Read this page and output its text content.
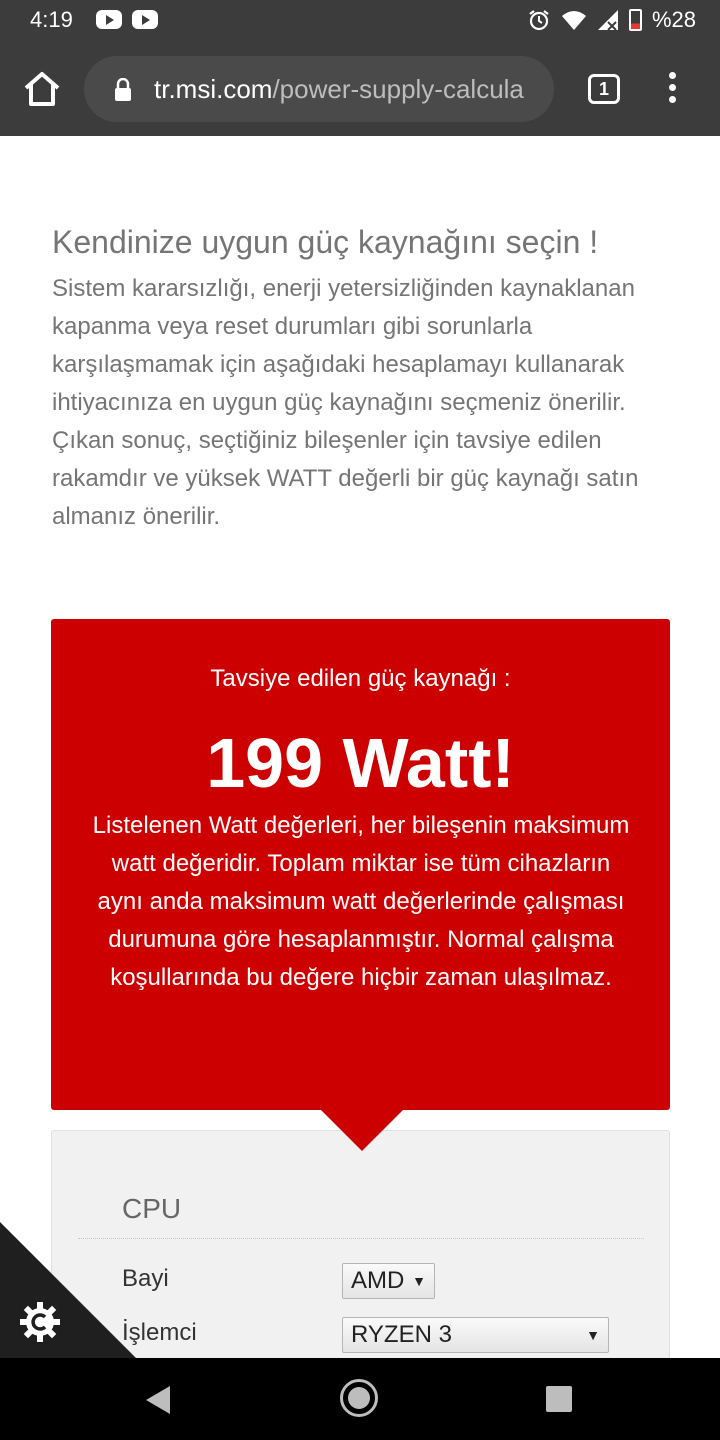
4:19	%28
tr.msi.com/power-supply-calcula	1
Kendinize uygun güç kaynağını seçin !
Sistem kararsızlığı, enerji yetersizliğinden kaynaklanan kapanma veya reset durumları gibi sorunlarla karşılaşmamak için aşağıdaki hesaplamayı kullanarak ihtiyacınıza en uygun güç kaynağını seçmeniz önerilir. Çıkan sonuç, seçtiğiniz bileşenler için tavsiye edilen rakamdır ve yüksek WATT değerli bir güç kaynağı satın almanız önerilir.
Tavsiye edilen güç kaynağı :
199 Watt!
Listelenen Watt değerleri, her bileşenin maksimum watt değeridir. Toplam miktar ise tüm cihazların aynı anda maksimum watt değerlerinde çalışması durumuna göre hesaplanmıştır. Normal çalışma koşullarında bu değere hiçbir zaman ulaşılmaz.
CPU
Bayi	AMD ▼
İşlemci	RYZEN 3	▼
